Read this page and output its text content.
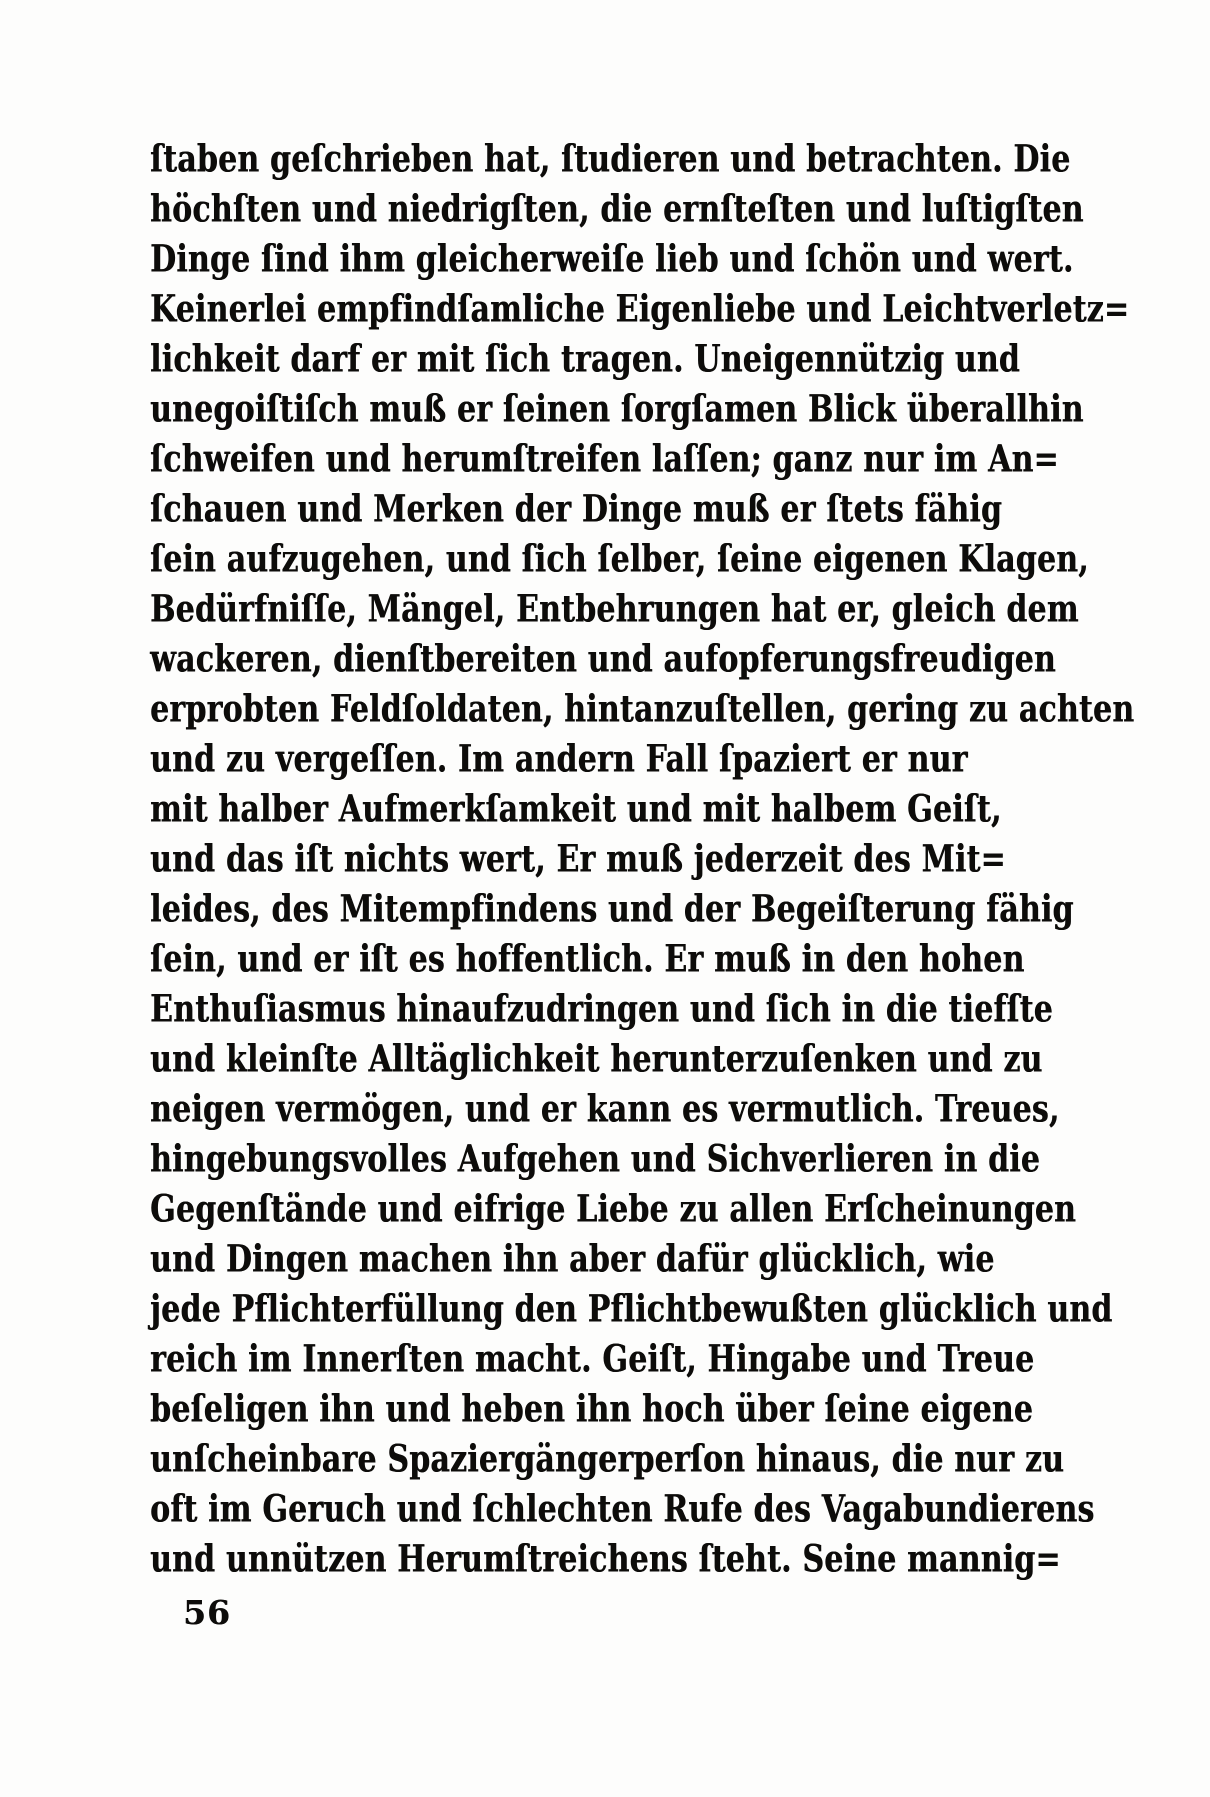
ſtaben geſchrieben hat, ſtudieren und betrachten. Die
höchſten und niedrigſten, die ernſteſten und luſtigſten
Dinge ſind ihm gleicherweiſe lieb und ſchön und wert.
Keinerlei empfindſamliche Eigenliebe und Leichtverletz=
lichkeit darf er mit ſich tragen. Uneigennützig und
unegoiſtiſch muß er ſeinen ſorgſamen Blick überallhin
ſchweifen und herumſtreifen laſſen; ganz nur im An=
ſchauen und Merken der Dinge muß er ſtets fähig
ſein aufzugehen, und ſich ſelber, ſeine eigenen Klagen,
Bedürfniſſe, Mängel, Entbehrungen hat er, gleich dem
wackeren, dienſtbereiten und aufopferungsfreudigen
erprobten Feldſoldaten, hintanzuſtellen, gering zu achten
und zu vergeſſen. Im andern Fall ſpaziert er nur
mit halber Aufmerkſamkeit und mit halbem Geiſt,
und das iſt nichts wert, Er muß jederzeit des Mit=
leides, des Mitempfindens und der Begeiſterung fähig
ſein, und er iſt es hoffentlich. Er muß in den hohen
Enthuſiasmus hinaufzudringen und ſich in die tiefſte
und kleinſte Alltäglichkeit herunterzuſenken und zu
neigen vermögen, und er kann es vermutlich. Treues,
hingebungsvolles Aufgehen und Sichverlieren in die
Gegenſtände und eifrige Liebe zu allen Erſcheinungen
und Dingen machen ihn aber dafür glücklich, wie
jede Pflichterfüllung den Pflichtbewußten glücklich und
reich im Innerſten macht. Geiſt, Hingabe und Treue
beſeligen ihn und heben ihn hoch über ſeine eigene
unſcheinbare Spaziergängerperſon hinaus, die nur zu
oft im Geruch und ſchlechten Rufe des Vagabundierens
und unnützen Herumſtreichens ſteht. Seine mannig=
56
